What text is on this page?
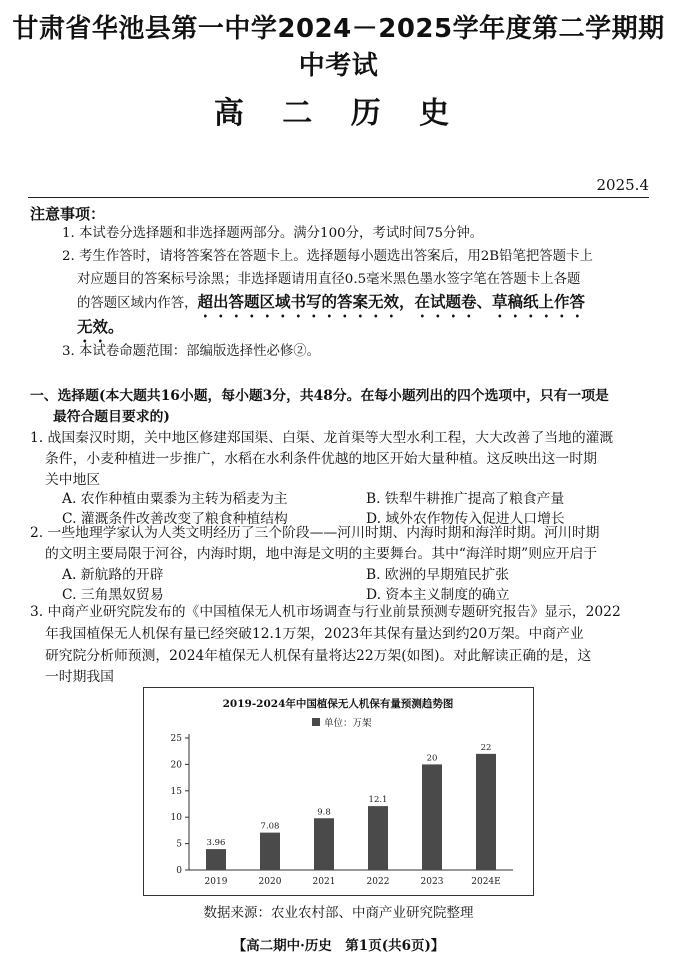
甘肃省华池县第一中学2024－2025学年度第二学期期中考试
高 二 历 史
2025.4
注意事项：
1. 本试卷分选择题和非选择题两部分。满分100分，考试时间75分钟。
2. 考生作答时，请将答案答在答题卡上。选择题每小题选出答案后，用2B铅笔把答题卡上
对应题目的答案标号涂黑；非选择题请用直径0.5毫米黑色墨水签字笔在答题卡上各题
的答题区域内作答，超出答题区域书写的答案无效，在试题卷、草稿纸上作答
无效。
3. 本试卷命题范围：部编版选择性必修②。
一、选择题(本大题共16小题，每小题3分，共48分。在每小题列出的四个选项中，只有一项是
最符合题目要求的)
1. 战国秦汉时期，关中地区修建郑国渠、白渠、龙首渠等大型水利工程，大大改善了当地的灌溉
条件，小麦种植进一步推广，水稻在水利条件优越的地区开始大量种植。这反映出这一时期
关中地区
A. 农作种植由粟黍为主转为稻麦为主	B. 铁犁牛耕推广提高了粮食产量
C. 灌溉条件改善改变了粮食种植结构	D. 域外农作物传入促进人口增长
2. 一些地理学家认为人类文明经历了三个阶段——河川时期、内海时期和海洋时期。河川时期
的文明主要局限于河谷，内海时期，地中海是文明的主要舞台。其中“海洋时期”则应开启于
A. 新航路的开辟	B. 欧洲的早期殖民扩张
C. 三角黑奴贸易	D. 资本主义制度的确立
3. 中商产业研究院发布的《中国植保无人机市场调查与行业前景预测专题研究报告》显示，2022
年我国植保无人机保有量已经突破12.1万架，2023年其保有量达到约20万架。中商产业
研究院分析师预测，2024年植保无人机保有量将达22万架(如图)。对此解读正确的是，这
一时期我国
2019-2024年中国植保无人机保有量预测趋势图
单位：万架
0
5
10
15
20
25
3.96
2019
7.08
2020
9.8
2021
12.1
2022
20
2023
22
2024E
数据来源：农业农村部、中商产业研究院整理
【高二期中·历史　第1页(共6页)】
